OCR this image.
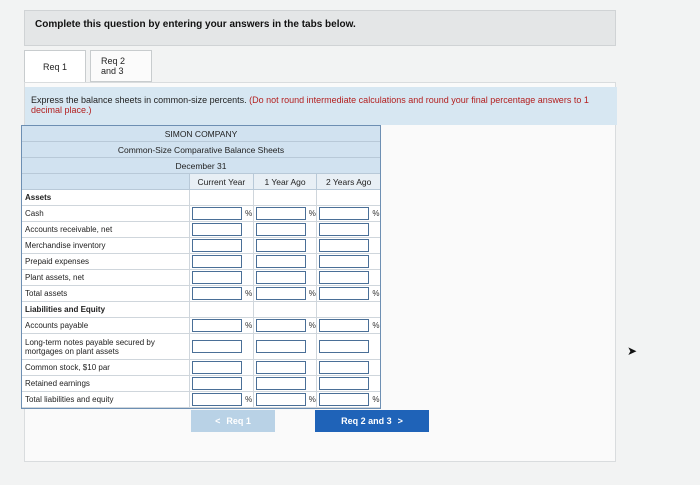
Complete this question by entering your answers in the tabs below.
Req 1
Req 2 and 3
Express the balance sheets in common-size percents. (Do not round intermediate calculations and round your final percentage answers to 1 decimal place.)
SIMON COMPANY
Common-Size Comparative Balance Sheets
December 31
Current Year	1 Year Ago	2 Years Ago
Assets
Cash	%	%	%
Accounts receivable, net
Merchandise inventory
Prepaid expenses
Plant assets, net
Total assets	%	%	%
Liabilities and Equity
Accounts payable	%	%	%
Long-term notes payable secured by mortgages on plant assets
Common stock, $10 par
Retained earnings
Total liabilities and equity	%	%	%
< Req 1	Req 2 and 3 >
➤
